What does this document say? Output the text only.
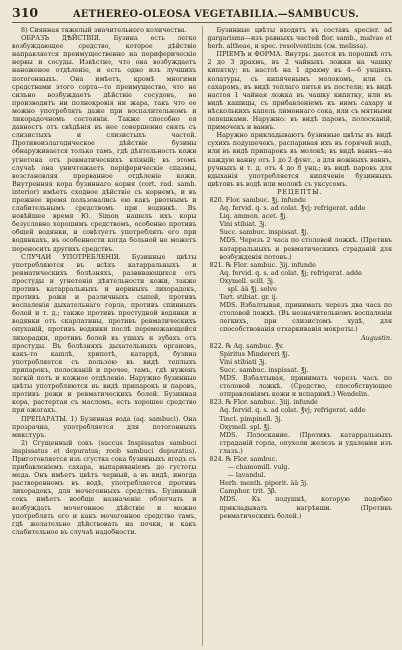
310	AETHEREO-OLEOSA VEGETABILIA.—SAMBUCUS.

8) Сиянная тяжелый значительного количества.

ОБРАЗЪ ДѢЙСТВІЯ. Бузина есть легко возбуждающее средство, которое дѣйствіе направляется преимущественно на периферическіе нервы и сосуды. Извѣстно, что она возбуждаетъ наноженое отдѣленіе, и есть одно изъ лучшихъ потогонныхъ. Она имѣетъ, кромѣ многими средствами этого сорта—то преимущество, что не сильно возбуждаетъ дѣйствіе сосудовъ, не производитъ ни полнокровія ни жара, такъ что ее можно употреблять даже при воспалительномъ и ликорадочномъ состояніи. Также способно ея давностъ отъ свѣдѣнія въ нее совершенно снять съ слизистыхъ и слизистыхъ частей. Противоизлагодическое дѣйствіе бузины обнаруживается только тамъ, гдѣ дѣятельность кожи угнетена отъ ревматическихъ вліяній; въ этомъ случаѣ она уничтожаетъ періферическіе спазмы, возстановляя прерванное отдѣленіе кожи. Внутренняя кора бузиннаго корня (cort. rad. samb. interior) имѣетъ сходное дѣйствіе съ корнемъ, и въ прежнее время пользовались ею какъ рвотнымъ и слабительнымъ средствомъ при водянкѣ. Въ новѣйшее время Ю. Simon нашелъ ихъ коры безусловно хорошимъ средствомъ, особенно противъ общей водянки, и совѣтуетъ употреблять его при водянкахъ, въ особенности когда больной не можетъ переносить другихъ средствъ.

СЛУЧАИ УПОТРЕБЛЕНІЯ. Бузинные цвѣты употребляются въ всѣхъ катарральныхъ и ревматическихъ болѣзняхъ, развивающихся отъ простуды и угнетенія дѣятельности кожи, также противъ катарральныхъ и нервныхъ лихорадокъ, противъ рожи и различныхъ сыпей, противъ воспаленія дыхательнаго горла, противъ спинныхъ болей и т. д.; также противъ простудной водянки и водянки отъ скарлатины, противъ ревматическихъ опуханій, противъ водянки послѣ перемежающейся лихорадки, противъ болей въ ушахъ и зубахъ отъ простуды. Въ болѣзняхъ дыхательныхъ органовъ, какъ-то кашлѣ, хрипотѣ, катаррѣ, бузина употребляется съ пользою въ видѣ теплыхъ припарокъ, полосканій и прочее, тамъ, гдѣ нуженъ легкій потъ и кожное отдѣленіе. Наружно бузинные цвѣты употребляются въ видѣ припарокъ и паровъ, противъ рожи и ревматическихъ болей. Бузинная кора, растертая съ масломъ, есть хорошее средство при ожогахъ.

ПРЕПАРАТЫ. 1) Бузинная вода (aq. sambuci). Она прозрачна, употребляется для потогонныхъ микстуръ.

2) Сгущенный сокъ (succus Inspissatus sambuci inspissatus et depuratus; roob sambuci depuratus). Приготовляется изъ сгустка сока бузинныхъ ягодъ съ прибавленіемъ сахара, выпариваніемъ до густоты меда. Онъ имѣетъ цвѣтъ черный, а въ видѣ, иногда растворенномъ въ водѣ, употребляется противъ лихорадокъ, для мочегонныхъ средствъ. Бузинный сокъ имѣетъ вообще назначеніе облегчать и возбуждать мочегонное дѣйствіе и можно употреблять его и какъ мочегонное средство тамъ, гдѣ желательно дѣйствовать на почки, и какъ слабительное въ случаѣ надобности.

Бузинные цвѣты входятъ въ составъ specier. ad gargarisma—изъ равныхъ частей flor. samb., malvae et herb. altheae, и spec. resolventium (см. melissa).

ПРІЕМЪ и ФОРМА. Внутрь: дается въ порошкѣ отъ 2 до 3 драхмъ, въ 2 чайныхъ ложки на чашку кипятку; въ настоѣ на 1 драхму въ 4—6 унціяхъ колатуры, съ кипяченымъ молокомъ, или съ сахаромъ, въ видѣ теплаго питья въ постели; въ видѣ настоя 1 чайная ложка въ чашку кипятку, или въ видѣ кашицы, съ прибавленіемъ къ нимъ сахару и нѣсколькихъ капель лимоннаго сока, или съ мятными лепешками. Наружно: въ видѣ паровъ, полосканій, примочекъ и ваннъ.

Наружно прикладываютъ бузинные цвѣты въ видѣ сухихъ подушечекъ, распаривая ихъ въ горячей водѣ, или въ видѣ припарокъ въ молокѣ; въ видѣ ваннъ—на каждую ванну отъ 1 до 2 фунт., а для ножныхъ ваннъ, ручныхъ и т. д. отъ 4 до 8 унц.; въ видѣ паровъ для вдыханія употребляется кипяченіе бузинныхъ цвѣтовъ въ водѣ или молокѣ съ уксусомъ.

РЕЦЕПТЫ.

820. Flor. sambuc. ℥j. infunde

Aq. fervid. q. s. ad colat. ℥vj; refrigerat. adde

Liq. ammon. acet. ℥j.

Vini stibiat. ℨj.

Succ. sambuc. inspissat. ℥j.

MDS. Черезъ 2 часа по столовой ложкѣ. (Противъ катарральныхъ и ревматическихъ страданій для возбужденія потовъ.)

821. ℞ Flor. sambuc. ℨij. infunde

Aq. fervid. q. s. ad colat. ℥j; refrigerat. adde

Oxymell. scill. ℨj.

spl. ää ℥j. solve

Tart. stibiat. gr. ij.

MDS. Взбалтывая, принимать черезъ два часа по столовой ложкѣ. (Въ незначительномъ воспаленіи легкихъ, при слизистомъ худѣ, для способствованія отхаркиванія мокроты.)

Augustin.

822. ℞ Aq. sambuc. ℥v.

Spiritus Mindereri ℥j.

Vini stibiati ℨj.

Succ. sambuc. inspissat. ℥j.

MDS. Взбалтывая, принимать черезъ часъ по столовой ложкѣ. (Средство, способствующее отправленіямъ кожи и испаринѣ.) Wendelin.

823. ℞ Flor. sambuc. ℨiij. infunde

Aq. fervid. q. s. ad colat. ℥vj; refrigerat. adde

Tinct. pimpinell. ℨj.

Oxymell. spl. ℥j.

MDS. Полоскание. (Противъ катарральныхъ страданій горла, опухоли железъ и удаления изъ глазъ.)

824. ℞ Flor. sambuc.

— chamomill. vulg.

— lavandul.

Herb. menth. piperit. ää ℨj.

Camphor. trit. ℨβ.

MDS. Къ подушкѣ, которую подобно прикладывать нагрѣвши. (Противъ ревматическихъ болей.)
